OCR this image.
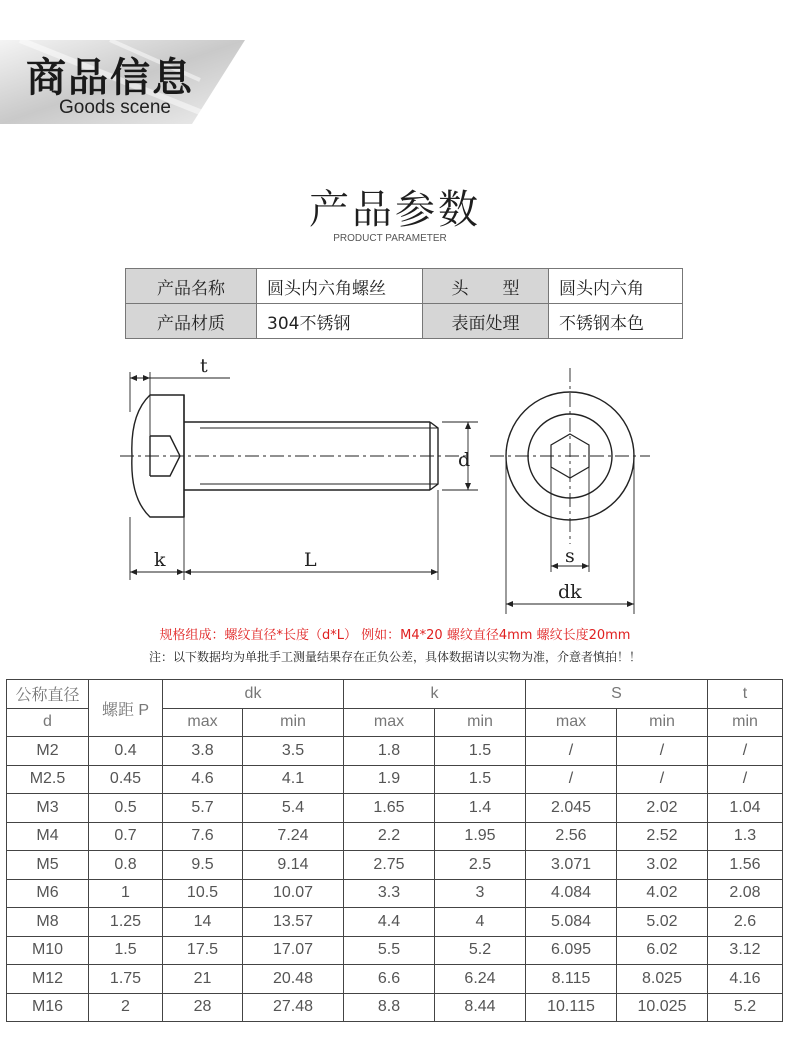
商品信息
Goods scene
产品参数
PRODUCT PARAMETER
产品名称	圆头内六角螺丝	头　　型	圆头内六角
产品材质	304不锈钢	表面处理	不锈钢本色
t
d
k	L	s
dk
规格组成：螺纹直径*长度（d*L） 例如：M4*20 螺纹直径4mm 螺纹长度20mm
注：以下数据均为单批手工测量结果存在正负公差，具体数据请以实物为准，介意者慎拍！！
公称直径	螺距 P	dk		k		S		t
d		max	min	max	min	max	min	min
M2	0.4	3.8	3.5	1.8	1.5	/	/	/
M2.5	0.45	4.6	4.1	1.9	1.5	/	/	/
M3	0.5	5.7	5.4	1.65	1.4	2.045	2.02	1.04
M4	0.7	7.6	7.24	2.2	1.95	2.56	2.52	1.3
M5	0.8	9.5	9.14	2.75	2.5	3.071	3.02	1.56
M6	1	10.5	10.07	3.3	3	4.084	4.02	2.08
M8	1.25	14	13.57	4.4	4	5.084	5.02	2.6
M10	1.5	17.5	17.07	5.5	5.2	6.095	6.02	3.12
M12	1.75	21	20.48	6.6	6.24	8.115	8.025	4.16
M16	2	28	27.48	8.8	8.44	10.115	10.025	5.2
